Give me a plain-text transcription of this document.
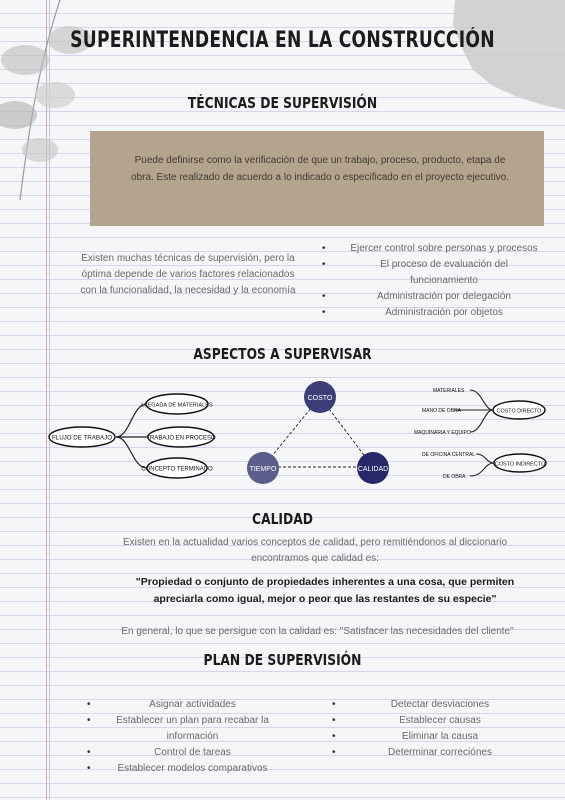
SUPERINTENDENCIA EN LA CONSTRUCCIÓN
TÉCNICAS DE SUPERVISIÓN
Puede definirse como la verificación de que un trabajo, proceso, producto, etapa de obra. Este realizado de acuerdo a lo indicado o especificado en el proyecto ejecutivo.
Existen muchas técnicas de supervisión, pero la óptima depende de varios factores relacionados con la funcionalidad, la necesidad y la economía
• Ejercer control sobre personas y procesos
• El proceso de evaluación del funcionamiento
• Administración por delegación
• Administración por objetos
ASPECTOS A SUPERVISAR
FLUJO DE TRABAJO
LLEGADA DE MATERIALES
TRABAJO EN PROCESO
CONCEPTO TERMINADO
COSTO
TIEMPO	CALIDAD
MATERIALES
MANO DE OBRA
MAQUINARIA Y EQUIPO
COSTO DIRECTO
DE OFICINA CENTRAL
DE OBRA
COSTO INDIRECTO
CALIDAD
Existen en la actualidad varios conceptos de calidad, pero remitiéndonos al diccionario encontramos que calidad es:
"Propiedad o conjunto de propiedades inherentes a una cosa, que permiten apreciarla como igual, mejor o peor que las restantes de su especie"
En general, lo que se persigue con la calidad es: "Satisfacer las necesidades del cliente"
PLAN DE SUPERVISIÓN
• Asignar actividades
• Establecer un plan para recabar la información
• Control de tareas
• Establecer modelos comparativos
• Detectar desviaciones
• Establecer causas
• Eliminar la causa
• Determinar correciónes
